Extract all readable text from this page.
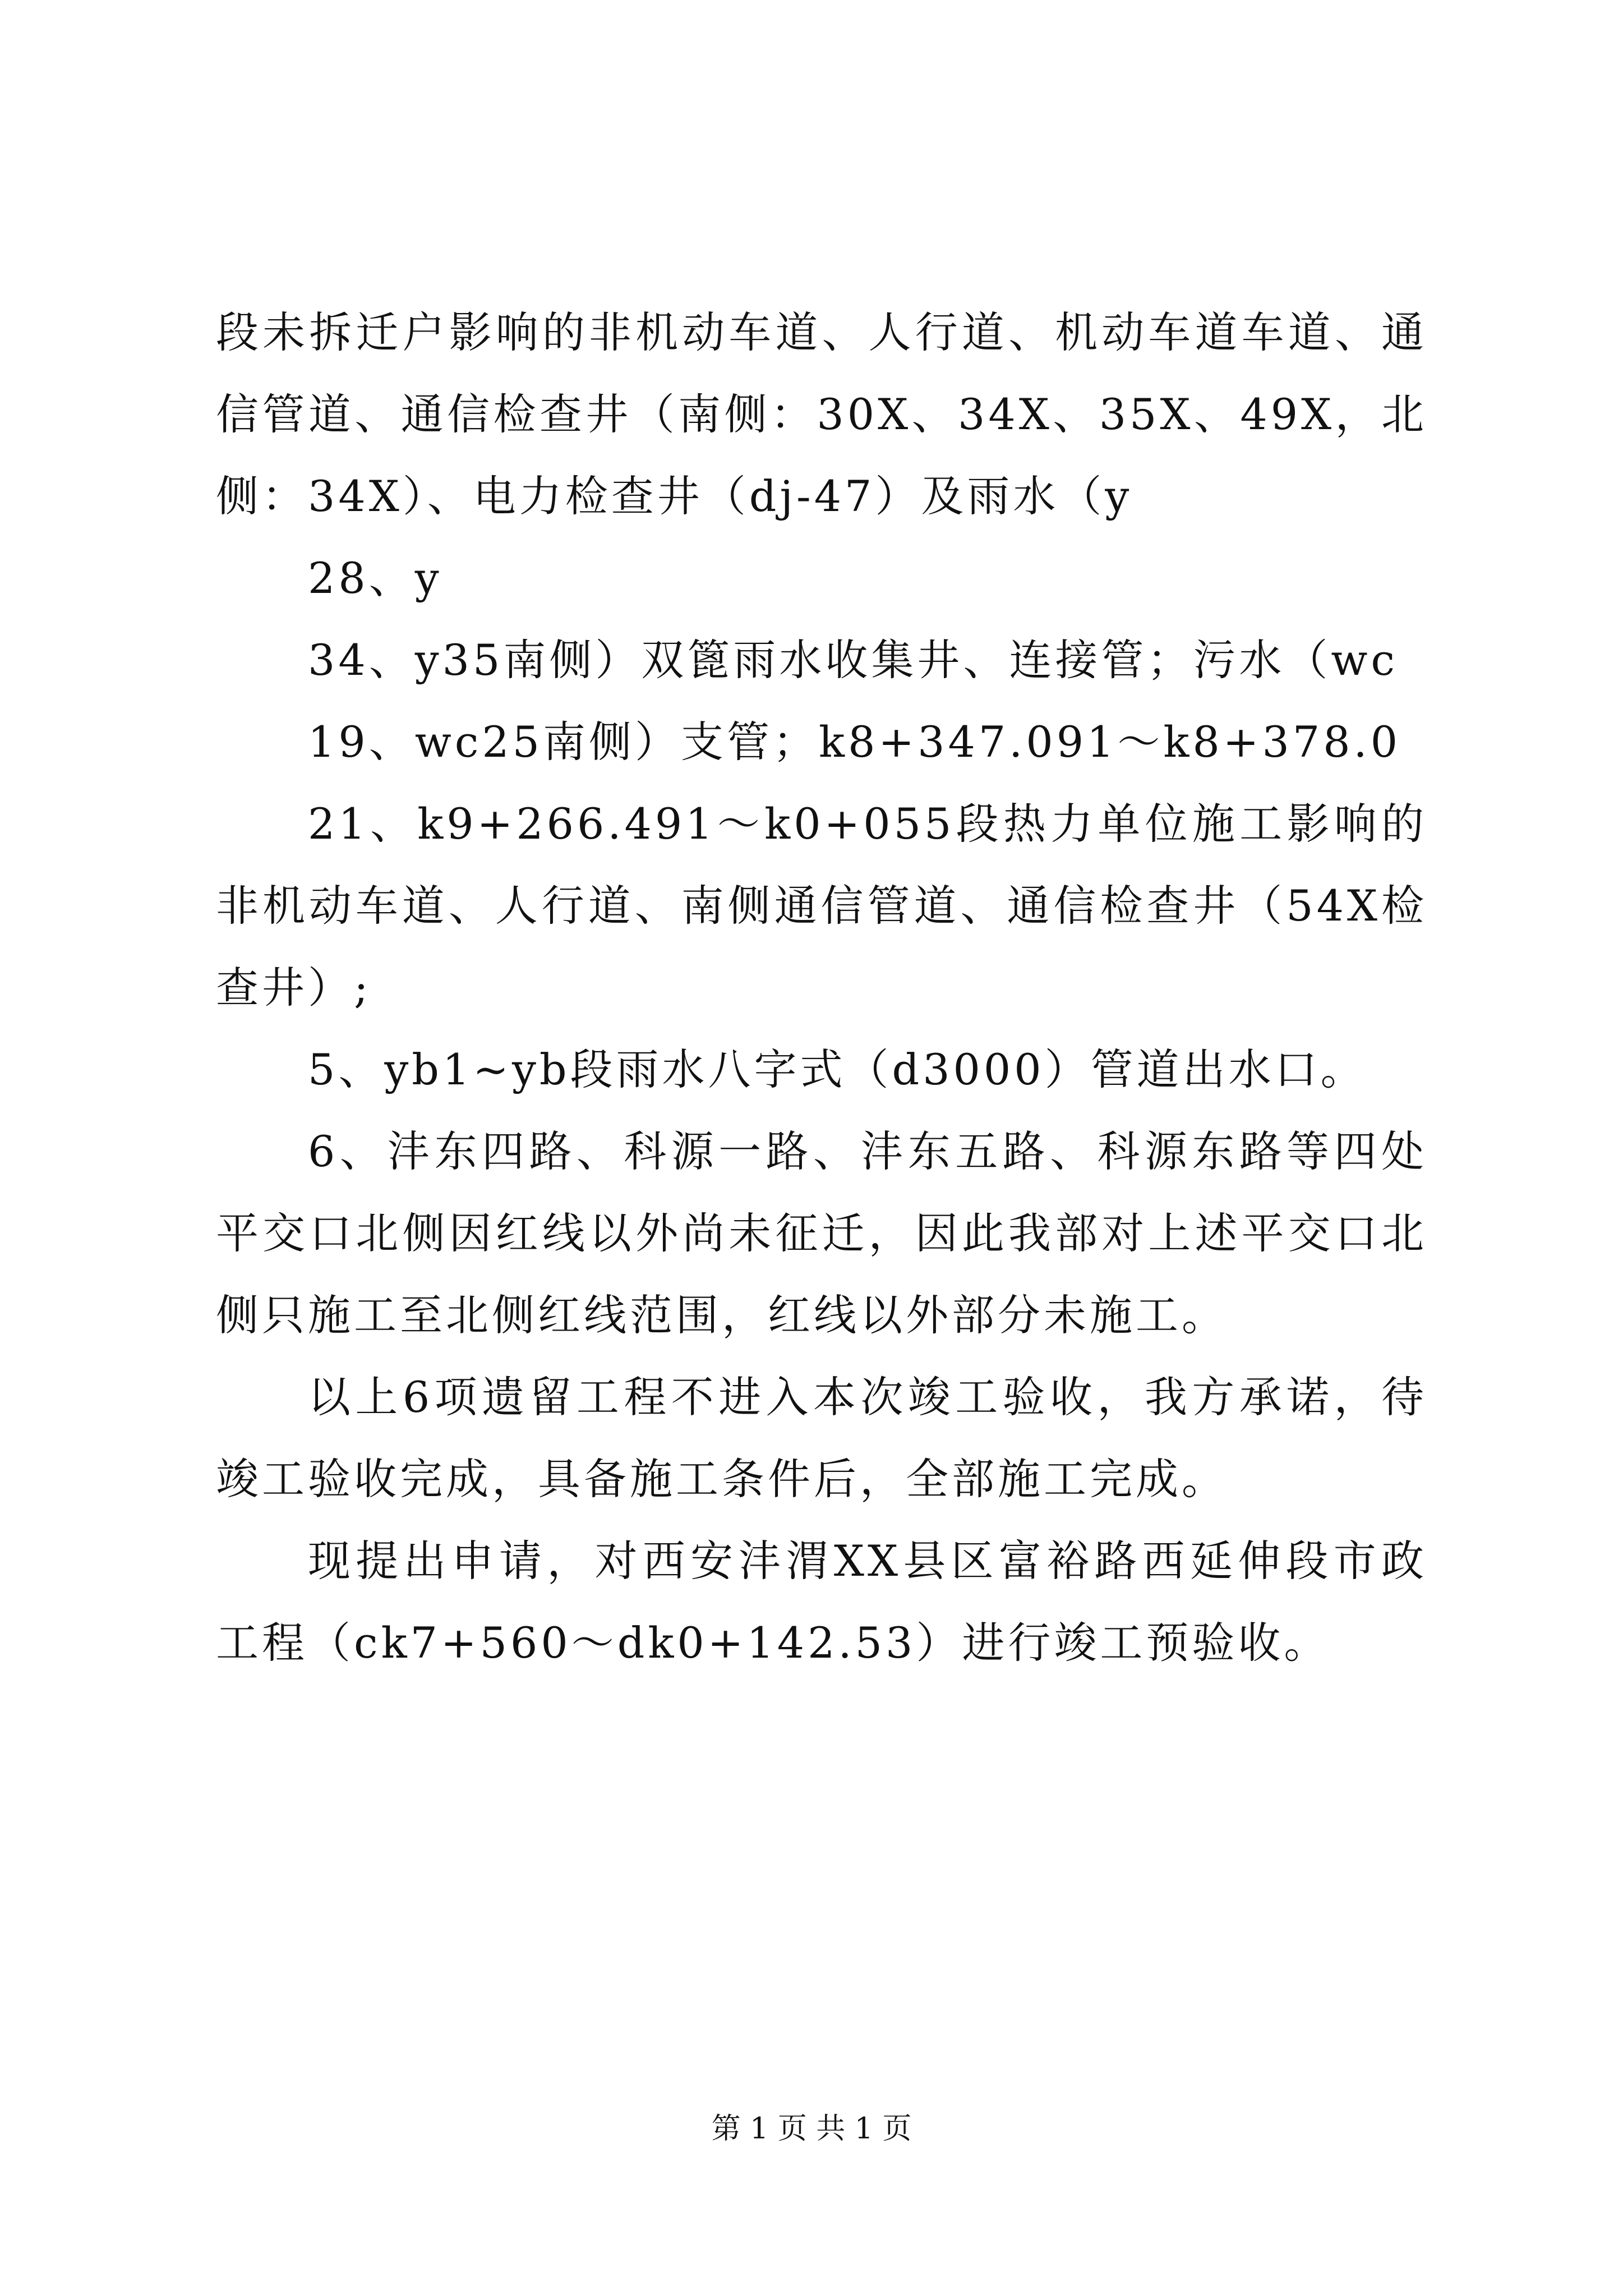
段未拆迁户影响的非机动车道、人行道、机动车道车道、通信管道、通信检查井（南侧：30X、34X、35X、49X，北侧：34X）、电力检查井（dj-47）及雨水（y

28、y

34、y35南侧）双篦雨水收集井、连接管；污水（wc

19、wc25南侧）支管；k8+347.091～k8+378.0

21、k9+266.491～k0+055段热力单位施工影响的非机动车道、人行道、南侧通信管道、通信检查井（54X检查井）;

5、yb1~yb段雨水八字式（d3000）管道出水口。

6、沣东四路、科源一路、沣东五路、科源东路等四处平交口北侧因红线以外尚未征迁，因此我部对上述平交口北侧只施工至北侧红线范围，红线以外部分未施工。

以上6项遗留工程不进入本次竣工验收，我方承诺，待竣工验收完成，具备施工条件后，全部施工完成。

现提出申请，对西安沣渭XX县区富裕路西延伸段市政工程（ck7+560～dk0+142.53）进行竣工预验收。

第 1 页 共 1 页
